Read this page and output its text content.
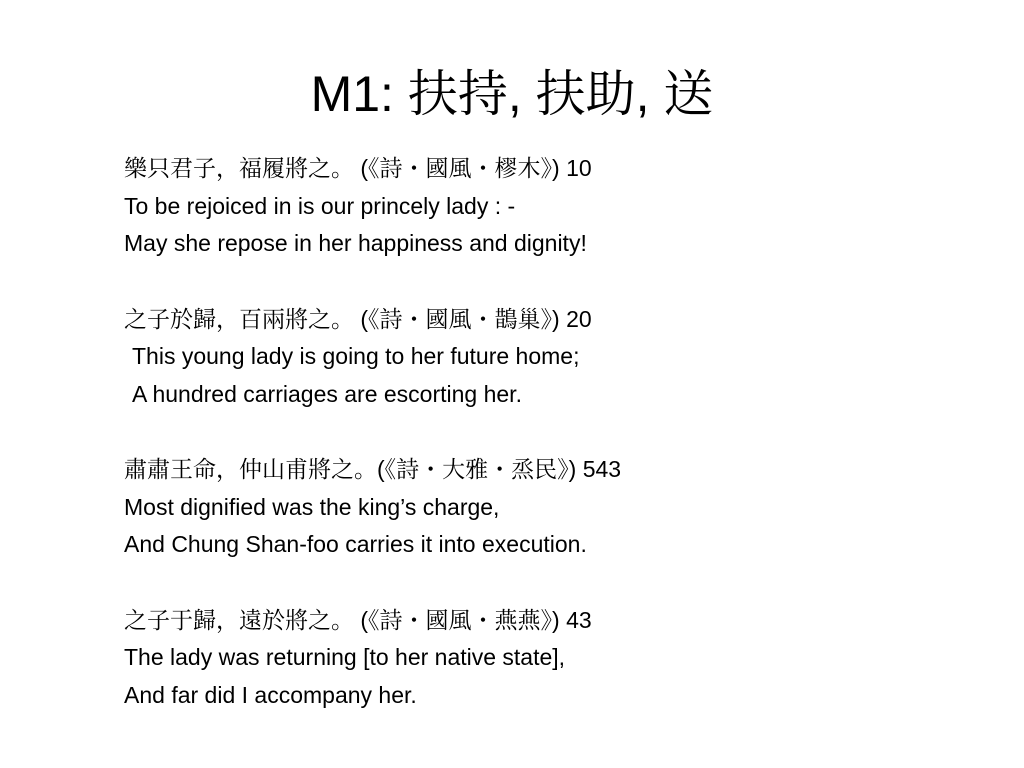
M1: 扶持, 扶助, 送
樂只君子，福履將之。 (《詩・國風・樛木》) 10
To be rejoiced in is our princely lady : -
May she repose in her happiness and dignity!
之子於歸，百兩將之。 (《詩・國風・鵲巢》) 20
This young lady is going to her future home;
A hundred carriages are escorting her.
肅肅王命，仲山甫將之。(《詩・大雅・烝民》) 543
Most dignified was the king’s charge,
And Chung Shan-foo carries it into execution.
之子于歸，遠於將之。 (《詩・國風・燕燕》) 43
The lady was returning [to her native state],
And far did I accompany her.
